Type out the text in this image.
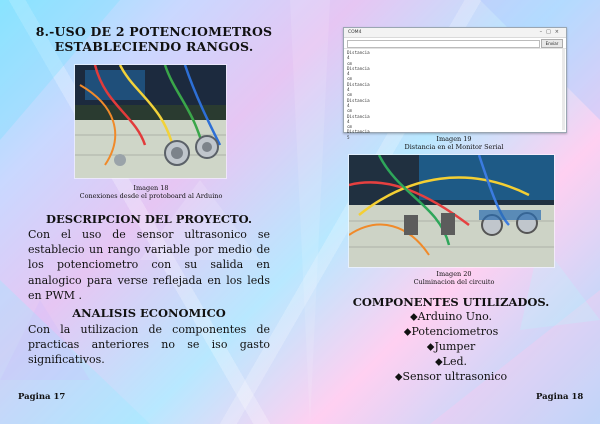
8.-USO DE 2 POTENCIOMETROS ESTABLECIENDO RANGOS.
Imagen 18
Conexiones desde el protoboard al Arduino
DESCRIPCION DEL PROYECTO.
Con el uso de sensor ultrasonico se establecio un rango variable por medio de los potenciometro con su salida en analogico para verse reflejada en los leds en PWM .
ANALISIS ECONOMICO
Con la utilizacion de componentes de practicas anteriores no se iso gasto significativos.
Pagina 17
COM4	–□×
Enviar
Distancia
4
cm
Distancia
4
cm
Distancia
4
cm
Distancia
4
cm
Distancia
4
cm
Distancia
5	Imagen 19
Distancia en el Monitor Serial
Imagen 20
Culminacion del circuito
COMPONENTES UTILIZADOS.
⬥Arduino Uno.
⬥Potenciometros
⬥Jumper
⬥Led.
⬥Sensor ultrasonico
Pagina 18
